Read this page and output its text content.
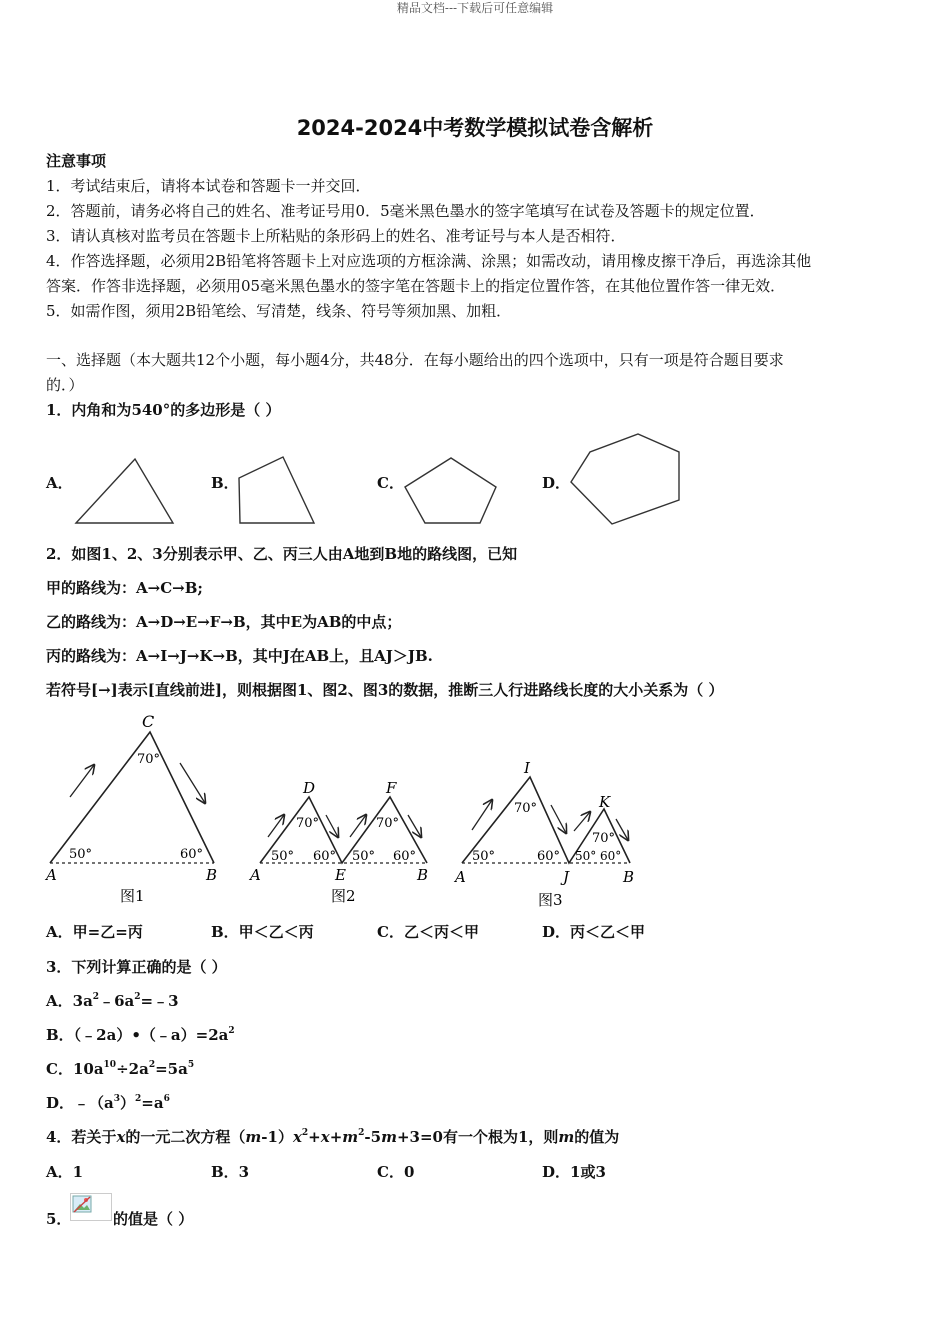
精品文档---下载后可任意编辑
2024-2024中考数学模拟试卷含解析
注意事项
1．考试结束后，请将本试卷和答题卡一并交回．
2．答题前，请务必将自己的姓名、准考证号用0．5毫米黑色墨水的签字笔填写在试卷及答题卡的规定位置．
3．请认真核对监考员在答题卡上所粘贴的条形码上的姓名、准考证号与本人是否相符．
4．作答选择题，必须用2B铅笔将答题卡上对应选项的方框涂满、涂黑；如需改动，请用橡皮擦干净后，再选涂其他
答案．作答非选择题，必须用05毫米黑色墨水的签字笔在答题卡上的指定位置作答，在其他位置作答一律无效．
5．如需作图，须用2B铅笔绘、写清楚，线条、符号等须加黑、加粗．
一、选择题（本大题共12个小题，每小题4分，共48分．在每小题给出的四个选项中，只有一项是符合题目要求
的．）
1．内角和为540°的多边形是（ ）
A．	B．	C．	D．
2．如图1、2、3分别表示甲、乙、丙三人由A地到B地的路线图，已知
甲的路线为：A→C→B;
乙的路线为：A→D→E→F→B，其中E为AB的中点；
丙的路线为：A→I→J→K→B，其中J在AB上，且AJ＞JB.
若符号[→]表示[直线前进]，则根据图1、图2、图3的数据，推断三人行进路线长度的大小关系为（ ）
C
70°
50°	60°
A	B
图1
D	F
70°	70°
50° 60° 50° 60°
A	E	B
图2
I
K
70°
70°
50°	60° 50° 60°
A	J	B
图3
A．甲=乙=丙	B．甲＜乙＜丙	C．乙＜丙＜甲	D．丙＜乙＜甲
3．下列计算正确的是（ ）
A．$3a^2﹣6a^2=﹣3$
B．$(﹣2a)•(﹣a)=2a^2$
C．$10a^{10}\div 2a^2=5a^5$
D．$﹣(a^3)^2=a^6$
4．若关于x的一元二次方程$(m-1)x^2+x+m^2-5m+3=0$有一个根为1，则m的值为
A．1	B．3	C．0	D．1或3
5．	的值是（ ）
